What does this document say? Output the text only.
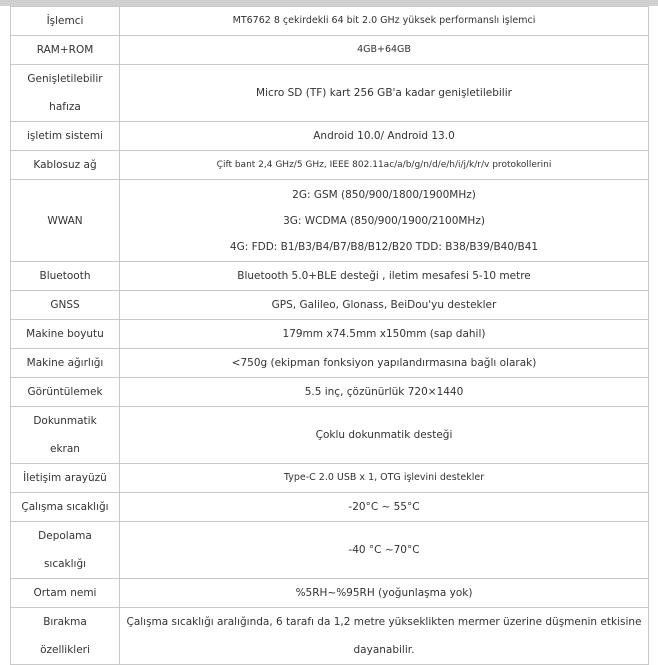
İşlemci	MT6762 8 çekirdekli 64 bit 2.0 GHz yüksek performanslı işlemci
RAM+ROM	4GB+64GB

Genişletilebilir
hafıza	Micro SD (TF) kart 256 GB'a kadar genişletilebilir
işletim sistemi	Android 10.0/ Android 13.0
Kablosuz ağ	Çift bant 2,4 GHz/5 GHz, IEEE 802.11ac/a/b/g/n/d/e/h/i/j/k/r/v protokollerini
WWAN	2G: GSM (850/900/1800/1900MHz)
3G: WCDMA (850/900/1900/2100MHz)
4G: FDD: B1/B3/B4/B7/B8/B12/B20 TDD: B38/B39/B40/B41

Bluetooth	Bluetooth 5.0+BLE desteği , iletim mesafesi 5-10 metre
GNSS	GPS, Galileo, Glonass, BeiDou'yu destekler
Makine boyutu	179mm x74.5mm x150mm (sap dahil)
Makine ağırlığı	<750g (ekipman fonksiyon yapılandırmasına bağlı olarak)
Görüntülemek	5.5 inç, çözünürlük 720×1440
Dokunmatik ekran	Çoklu dokunmatik desteği
İletişim arayüzü	Type-C 2.0 USB x 1, OTG işlevini destekler
Çalışma sıcaklığı	-20°C ~ 55°C
Depolama sıcaklığı	-40 °C ~70°C
Ortam nemi	%5RH~%95RH (yoğunlaşma yok)
Bırakma özellikleri	Çalışma sıcaklığı aralığında, 6 tarafı da 1,2 metre yükseklikten mermer üzerine düşmenin etkisine
dayanabilir.
